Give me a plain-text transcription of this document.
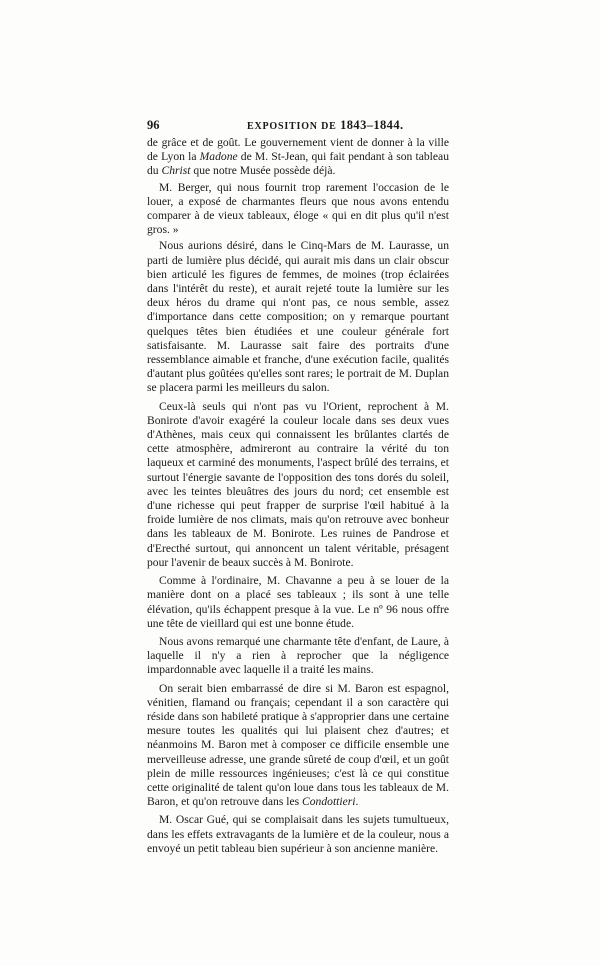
96	EXPOSITION DE 1843–1844.

de grâce et de goût. Le gouvernement vient de donner à la ville de Lyon la Madone de M. St-Jean, qui fait pendant à son tableau du Christ que notre Musée possède déjà.

M. Berger, qui nous fournit trop rarement l'occasion de le louer, a exposé de charmantes fleurs que nous avons entendu comparer à de vieux tableaux, éloge « qui en dit plus qu'il n'est gros. »

Nous aurions désiré, dans le Cinq-Mars de M. Laurasse, un parti de lumière plus décidé, qui aurait mis dans un clair obscur bien articulé les figures de femmes, de moines (trop éclairées dans l'intérêt du reste), et aurait rejeté toute la lumière sur les deux héros du drame qui n'ont pas, ce nous semble, assez d'importance dans cette composition; on y remarque pourtant quelques têtes bien étudiées et une couleur générale fort satisfaisante. M. Laurasse sait faire des portraits d'une ressemblance aimable et franche, d'une exécution facile, qualités d'autant plus goûtées qu'elles sont rares; le portrait de M. Duplan se placera parmi les meilleurs du salon.

Ceux-là seuls qui n'ont pas vu l'Orient, reprochent à M. Bonirote d'avoir exagéré la couleur locale dans ses deux vues d'Athènes, mais ceux qui connaissent les brûlantes clartés de cette atmosphère, admireront au contraire la vérité du ton laqueux et carminé des monuments, l'aspect brûlé des terrains, et surtout l'énergie savante de l'opposition des tons dorés du soleil, avec les teintes bleuâtres des jours du nord; cet ensemble est d'une richesse qui peut frapper de surprise l'œil habitué à la froide lumière de nos climats, mais qu'on retrouve avec bonheur dans les tableaux de M. Bonirote. Les ruines de Pandrose et d'Erecthé surtout, qui annoncent un talent véritable, présagent pour l'avenir de beaux succès à M. Bonirote.

Comme à l'ordinaire, M. Chavanne a peu à se louer de la manière dont on a placé ses tableaux ; ils sont à une telle élévation, qu'ils échappent presque à la vue. Le nº 96 nous offre une tête de vieillard qui est une bonne étude.

Nous avons remarqué une charmante tête d'enfant, de Laure, à laquelle il n'y a rien à reprocher que la négligence impardonnable avec laquelle il a traité les mains.

On serait bien embarrassé de dire si M. Baron est espagnol, vénitien, flamand ou français; cependant il a son caractère qui réside dans son habileté pratique à s'approprier dans une certaine mesure toutes les qualités qui lui plaisent chez d'autres; et néanmoins M. Baron met à composer ce difficile ensemble une merveilleuse adresse, une grande sûreté de coup d'œil, et un goût plein de mille ressources ingénieuses; c'est là ce qui constitue cette originalité de talent qu'on loue dans tous les tableaux de M. Baron, et qu'on retrouve dans les Condottieri.

M. Oscar Gué, qui se complaisait dans les sujets tumultueux, dans les effets extravagants de la lumière et de la couleur, nous a envoyé un petit tableau bien supérieur à son ancienne manière.
